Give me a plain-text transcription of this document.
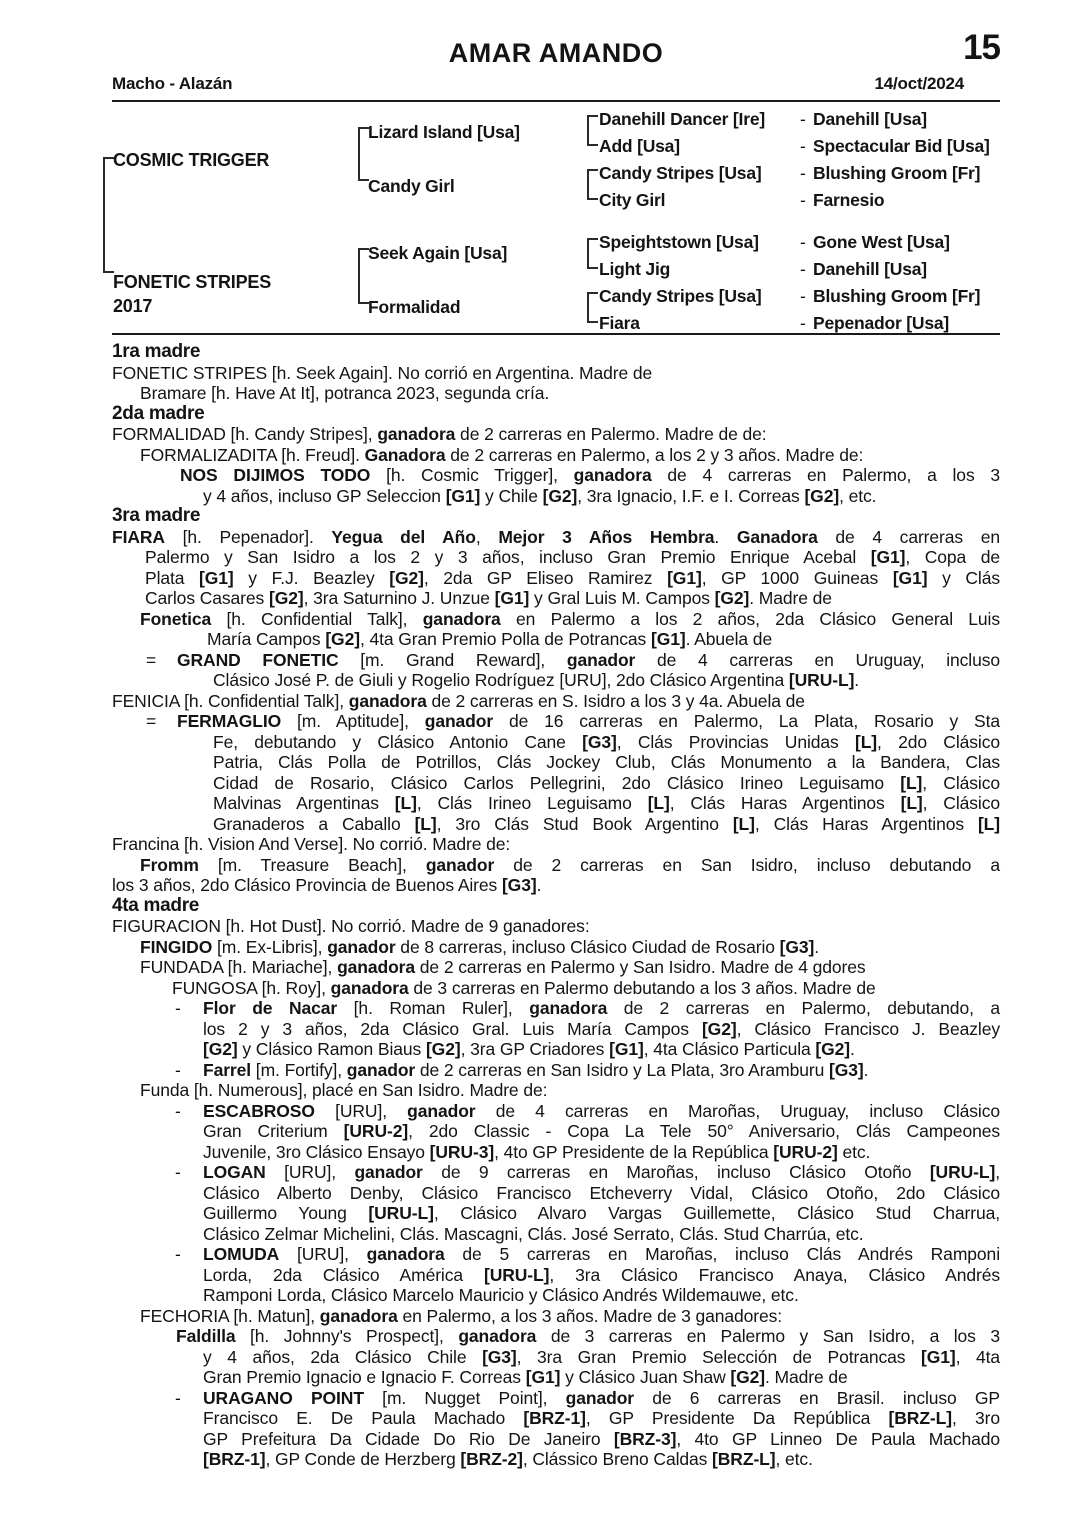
AMAR AMANDO	15
Macho - Alazán	14/oct/2024
COSMIC TRIGGER
FONETIC STRIPES
2017
Lizard Island [Usa]
Candy Girl
Seek Again [Usa]
Formalidad
Danehill Dancer [Ire]
Add [Usa]
Candy Stripes [Usa]
City Girl
Speightstown [Usa]
Light Jig
Candy Stripes [Usa]
Fiara
- Danehill [Usa]
- Spectacular Bid [Usa]
- Blushing Groom [Fr]
- Farnesio
- Gone West [Usa]
- Danehill [Usa]
- Blushing Groom [Fr]
- Pepenador [Usa]
1ra madre
FONETIC STRIPES [h. Seek Again]. No corrió en Argentina. Madre de
Bramare [h. Have At It], potranca 2023, segunda cría.
2da madre
FORMALIDAD [h. Candy Stripes], ganadora de 2 carreras en Palermo. Madre de de:
FORMALIZADITA [h. Freud]. Ganadora de 2 carreras en Palermo, a los 2 y 3 años. Madre de:
NOS DIJIMOS TODO [h. Cosmic Trigger], ganadora de 4 carreras en Palermo, a los 3
y 4 años, incluso GP Seleccion [G1] y Chile [G2], 3ra Ignacio, I.F. e I. Correas [G2], etc.
3ra madre
FIARA [h. Pepenador]. Yegua del Año, Mejor 3 Años Hembra. Ganadora de 4 carreras en
Palermo y San Isidro a los 2 y 3 años, incluso Gran Premio Enrique Acebal [G1], Copa de
Plata [G1] y F.J. Beazley [G2], 2da GP Eliseo Ramirez [G1], GP 1000 Guineas [G1] y Clás
Carlos Casares [G2], 3ra Saturnino J. Unzue [G1] y Gral Luis M. Campos [G2]. Madre de
Fonetica [h. Confidential Talk], ganadora en Palermo a los 2 años, 2da Clásico General Luis
María Campos [G2], 4ta Gran Premio Polla de Potrancas [G1]. Abuela de
= GRAND FONETIC [m. Grand Reward], ganador de 4 carreras en Uruguay, incluso
Clásico José P. de Giuli y Rogelio Rodríguez [URU], 2do Clásico Argentina [URU-L].
FENICIA [h. Confidential Talk], ganadora de 2 carreras en S. Isidro a los 3 y 4a. Abuela de
= FERMAGLIO [m. Aptitude], ganador de 16 carreras en Palermo, La Plata, Rosario y Sta
Fe, debutando y Clásico Antonio Cane [G3], Clás Provincias Unidas [L], 2do Clásico
Patria, Clás Polla de Potrillos, Clás Jockey Club, Clás Monumento a la Bandera, Clas
Cidad de Rosario, Clásico Carlos Pellegrini, 2do Clásico Irineo Leguisamo [L], Clásico
Malvinas Argentinas [L], Clás Irineo Leguisamo [L], Clás Haras Argentinos [L], Clásico
Granaderos a Caballo [L], 3ro Clás Stud Book Argentino [L], Clás Haras Argentinos [L]
Francina [h. Vision And Verse]. No corrió. Madre de:
Fromm [m. Treasure Beach], ganador de 2 carreras en San Isidro, incluso debutando a
los 3 años, 2do Clásico Provincia de Buenos Aires [G3].
4ta madre
FIGURACION [h. Hot Dust]. No corrió. Madre de 9 ganadores:
FINGIDO [m. Ex-Libris], ganador de 8 carreras, incluso Clásico Ciudad de Rosario [G3].
FUNDADA [h. Mariache], ganadora de 2 carreras en Palermo y San Isidro. Madre de 4 gdores
FUNGOSA [h. Roy], ganadora de 3 carreras en Palermo debutando a los 3 años. Madre de
- Flor de Nacar [h. Roman Ruler], ganadora de 2 carreras en Palermo, debutando, a
los 2 y 3 años, 2da Clásico Gral. Luis María Campos [G2], Clásico Francisco J. Beazley
[G2] y Clásico Ramon Biaus [G2], 3ra GP Criadores [G1], 4ta Clásico Particula [G2].
- Farrel [m. Fortify], ganador de 2 carreras en San Isidro y La Plata, 3ro Aramburu [G3].
Funda [h. Numerous], placé en San Isidro. Madre de:
- ESCABROSO [URU], ganador de 4 carreras en Maroñas, Uruguay, incluso Clásico
Gran Criterium [URU-2], 2do Classic - Copa La Tele 50° Aniversario, Clás Campeones
Juvenile, 3ro Clásico Ensayo [URU-3], 4to GP Presidente de la República [URU-2] etc.
- LOGAN [URU], ganador de 9 carreras en Maroñas, incluso Clásico Otoño [URU-L],
Clásico Alberto Denby, Clásico Francisco Etcheverry Vidal, Clásico Otoño, 2do Clásico
Guillermo Young [URU-L], Clásico Alvaro Vargas Guillemette, Clásico Stud Charrua,
Clásico Zelmar Michelini, Clás. Mascagni, Clás. José Serrato, Clás. Stud Charrúa, etc.
- LOMUDA [URU], ganadora de 5 carreras en Maroñas, incluso Clás Andrés Ramponi
Lorda, 2da Clásico América [URU-L], 3ra Clásico Francisco Anaya, Clásico Andrés
Ramponi Lorda, Clásico Marcelo Mauricio y Clásico Andrés Wildemauwe, etc.
FECHORIA [h. Matun], ganadora en Palermo, a los 3 años. Madre de 3 ganadores:
Faldilla [h. Johnny's Prospect], ganadora de 3 carreras en Palermo y San Isidro, a los 3
y 4 años, 2da Clásico Chile [G3], 3ra Gran Premio Selección de Potrancas [G1], 4ta
Gran Premio Ignacio e Ignacio F. Correas [G1] y Clásico Juan Shaw [G2]. Madre de
- URAGANO POINT [m. Nugget Point], ganador de 6 carreras en Brasil. incluso GP
Francisco E. De Paula Machado [BRZ-1], GP Presidente Da República [BRZ-L], 3ro
GP Prefeitura Da Cidade Do Rio De Janeiro [BRZ-3], 4to GP Linneo De Paula Machado
[BRZ-1], GP Conde de Herzberg [BRZ-2], Clássico Breno Caldas [BRZ-L], etc.
